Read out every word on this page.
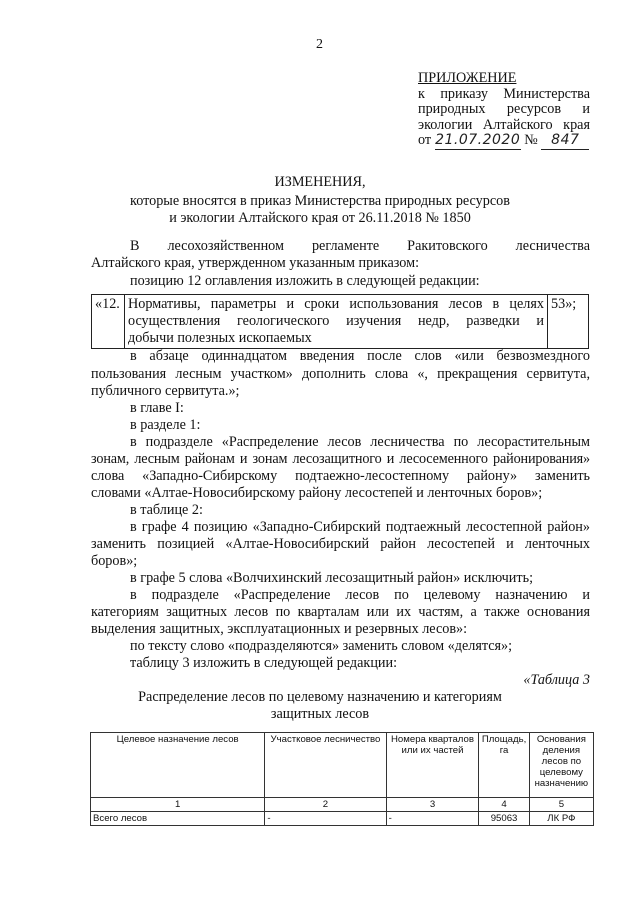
2
ПРИЛОЖЕНИЕ
к приказу Министерства
природных ресурсов и
экологии Алтайского края
от 21.07.2020 № 847
ИЗМЕНЕНИЯ,
которые вносятся в приказ Министерства природных ресурсов
и экологии Алтайского края от 26.11.2018 № 1850
В лесохозяйственном регламенте Ракитовского лесничества
Алтайского края, утвержденном указанным приказом:
позицию 12 оглавления изложить в следующей редакции:
«12.	Нормативы, параметры и сроки использования лесов в целях
осуществления геологического изучения недр, разведки и
добычи полезных ископаемых
	53»;
в абзаце одиннадцатом введения после слов «или безвозмездного
пользования лесным участком» дополнить слова «, прекращения сервитута,
публичного сервитута.»;
в главе I:
в разделе 1:
в подразделе «Распределение лесов лесничества по лесорастительным
зонам, лесным районам и зонам лесозащитного и лесосеменного районирования»
слова «Западно-Сибирскому подтаежно-лесостепному району» заменить
словами «Алтае-Новосибирскому району лесостепей и ленточных боров»;
в таблице 2:
в графе 4 позицию «Западно-Сибирский подтаежный лесостепной район»
заменить позицией «Алтае-Новосибирский район лесостепей и ленточных
боров»;
в графе 5 слова «Волчихинский лесозащитный район» исключить;
в подразделе «Распределение лесов по целевому назначению и
категориям защитных лесов по кварталам или их частям, а также основания
выделения защитных, эксплуатационных и резервных лесов»:
по тексту слово «подразделяются» заменить словом «делятся»;
таблицу 3 изложить в следующей редакции:
«Таблица 3
Распределение лесов по целевому назначению и категориям
защитных лесов
Целевое назначение лесов	Участковое лесничество	Номера кварталов или их частей	Площадь, га	Основания деления лесов по целевому назначению
1	2	3	4	5
Всего лесов	-	-	95063	ЛК РФ
